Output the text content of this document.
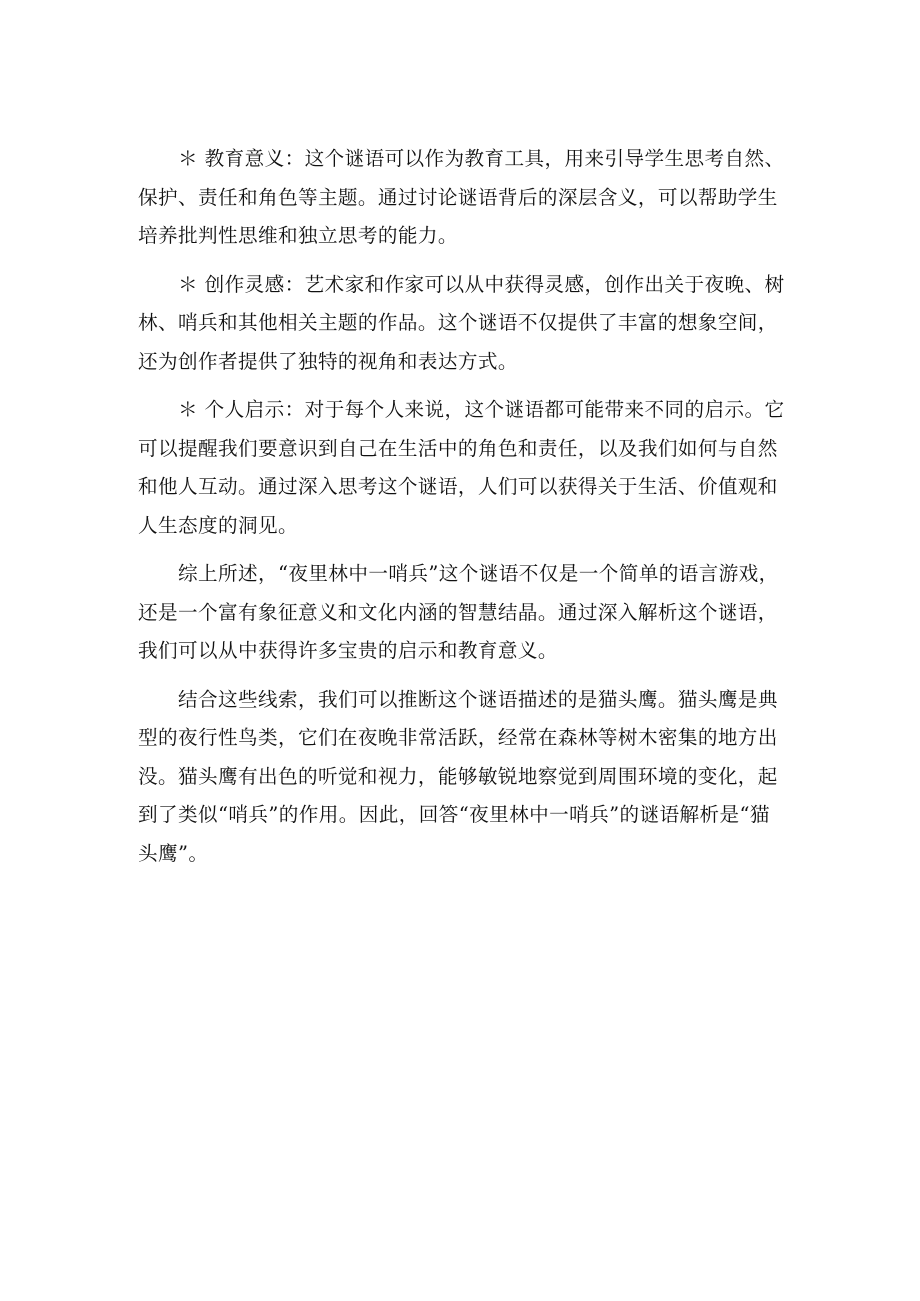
＊ 教育意义：这个谜语可以作为教育工具，用来引导学生思考自然、
保护、责任和角色等主题。通过讨论谜语背后的深层含义，可以帮助学生
培养批判性思维和独立思考的能力。

＊ 创作灵感：艺术家和作家可以从中获得灵感，创作出关于夜晚、树
林、哨兵和其他相关主题的作品。这个谜语不仅提供了丰富的想象空间，
还为创作者提供了独特的视角和表达方式。

＊ 个人启示：对于每个人来说，这个谜语都可能带来不同的启示。它
可以提醒我们要意识到自己在生活中的角色和责任，以及我们如何与自然
和他人互动。通过深入思考这个谜语，人们可以获得关于生活、价值观和
人生态度的洞见。

综上所述，“夜里林中一哨兵”这个谜语不仅是一个简单的语言游戏，
还是一个富有象征意义和文化内涵的智慧结晶。通过深入解析这个谜语，
我们可以从中获得许多宝贵的启示和教育意义。

结合这些线索，我们可以推断这个谜语描述的是猫头鹰。猫头鹰是典
型的夜行性鸟类，它们在夜晚非常活跃，经常在森林等树木密集的地方出
没。猫头鹰有出色的听觉和视力，能够敏锐地察觉到周围环境的变化，起
到了类似“哨兵”的作用。因此，回答“夜里林中一哨兵”的谜语解析是“猫
头鹰”。
